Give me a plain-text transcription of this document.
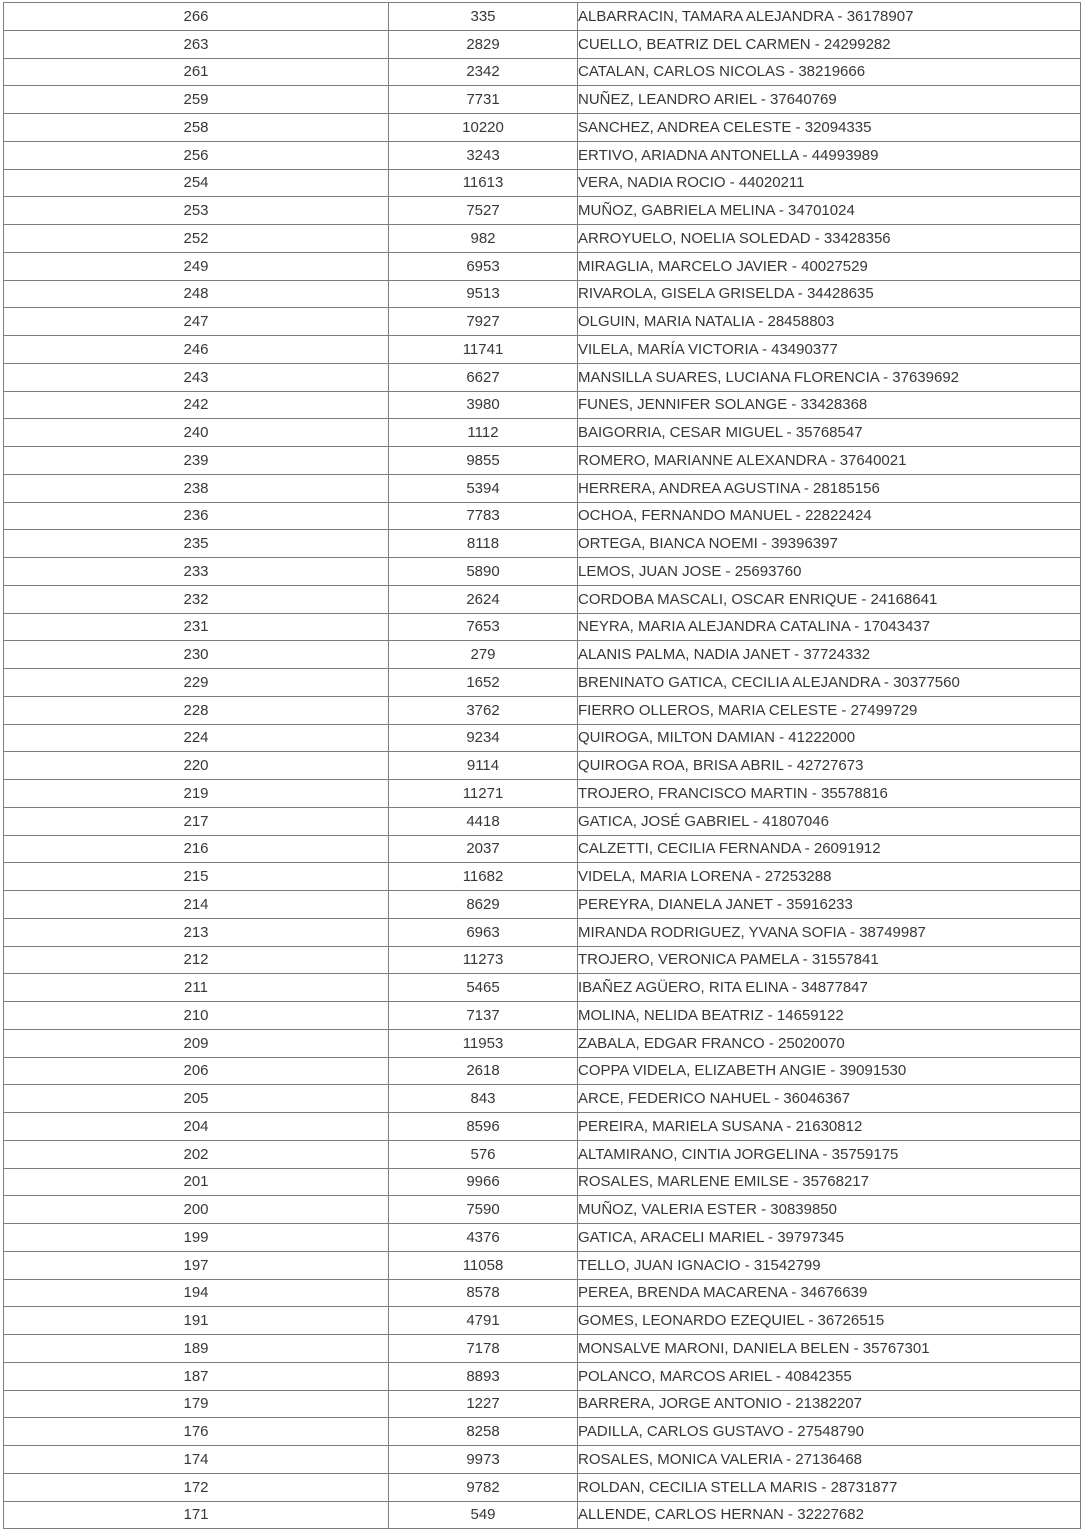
266	335	ALBARRACIN, TAMARA ALEJANDRA - 36178907
263	2829	CUELLO, BEATRIZ DEL CARMEN - 24299282
261	2342	CATALAN, CARLOS NICOLAS - 38219666
259	7731	NUÑEZ, LEANDRO ARIEL - 37640769
258	10220	SANCHEZ, ANDREA CELESTE - 32094335
256	3243	ERTIVO, ARIADNA ANTONELLA - 44993989
254	11613	VERA, NADIA ROCIO - 44020211
253	7527	MUÑOZ, GABRIELA MELINA - 34701024
252	982	ARROYUELO, NOELIA SOLEDAD - 33428356
249	6953	MIRAGLIA, MARCELO JAVIER - 40027529
248	9513	RIVAROLA, GISELA GRISELDA - 34428635
247	7927	OLGUIN, MARIA NATALIA - 28458803
246	11741	VILELA, MARÍA VICTORIA - 43490377
243	6627	MANSILLA SUARES, LUCIANA FLORENCIA - 37639692
242	3980	FUNES, JENNIFER SOLANGE - 33428368
240	1112	BAIGORRIA, CESAR MIGUEL - 35768547
239	9855	ROMERO, MARIANNE ALEXANDRA - 37640021
238	5394	HERRERA, ANDREA AGUSTINA - 28185156
236	7783	OCHOA, FERNANDO MANUEL - 22822424
235	8118	ORTEGA, BIANCA NOEMI - 39396397
233	5890	LEMOS, JUAN JOSE - 25693760
232	2624	CORDOBA MASCALI, OSCAR ENRIQUE - 24168641
231	7653	NEYRA, MARIA ALEJANDRA CATALINA - 17043437
230	279	ALANIS PALMA, NADIA JANET - 37724332
229	1652	BRENINATO GATICA, CECILIA ALEJANDRA - 30377560
228	3762	FIERRO OLLEROS, MARIA CELESTE - 27499729
224	9234	QUIROGA, MILTON DAMIAN - 41222000
220	9114	QUIROGA ROA, BRISA ABRIL - 42727673
219	11271	TROJERO, FRANCISCO MARTIN - 35578816
217	4418	GATICA, JOSÉ GABRIEL - 41807046
216	2037	CALZETTI, CECILIA FERNANDA - 26091912
215	11682	VIDELA, MARIA LORENA - 27253288
214	8629	PEREYRA, DIANELA JANET - 35916233
213	6963	MIRANDA RODRIGUEZ, YVANA SOFIA - 38749987
212	11273	TROJERO, VERONICA PAMELA - 31557841
211	5465	IBAÑEZ AGÜERO, RITA ELINA - 34877847
210	7137	MOLINA, NELIDA BEATRIZ - 14659122
209	11953	ZABALA, EDGAR FRANCO - 25020070
206	2618	COPPA VIDELA, ELIZABETH ANGIE - 39091530
205	843	ARCE, FEDERICO NAHUEL - 36046367
204	8596	PEREIRA, MARIELA SUSANA - 21630812
202	576	ALTAMIRANO, CINTIA JORGELINA - 35759175
201	9966	ROSALES, MARLENE EMILSE - 35768217
200	7590	MUÑOZ, VALERIA ESTER - 30839850
199	4376	GATICA, ARACELI MARIEL - 39797345
197	11058	TELLO, JUAN IGNACIO - 31542799
194	8578	PEREA, BRENDA MACARENA - 34676639
191	4791	GOMES, LEONARDO EZEQUIEL - 36726515
189	7178	MONSALVE MARONI, DANIELA BELEN - 35767301
187	8893	POLANCO, MARCOS ARIEL - 40842355
179	1227	BARRERA, JORGE ANTONIO - 21382207
176	8258	PADILLA, CARLOS GUSTAVO - 27548790
174	9973	ROSALES, MONICA VALERIA - 27136468
172	9782	ROLDAN, CECILIA STELLA MARIS - 28731877
171	549	ALLENDE, CARLOS HERNAN - 32227682
